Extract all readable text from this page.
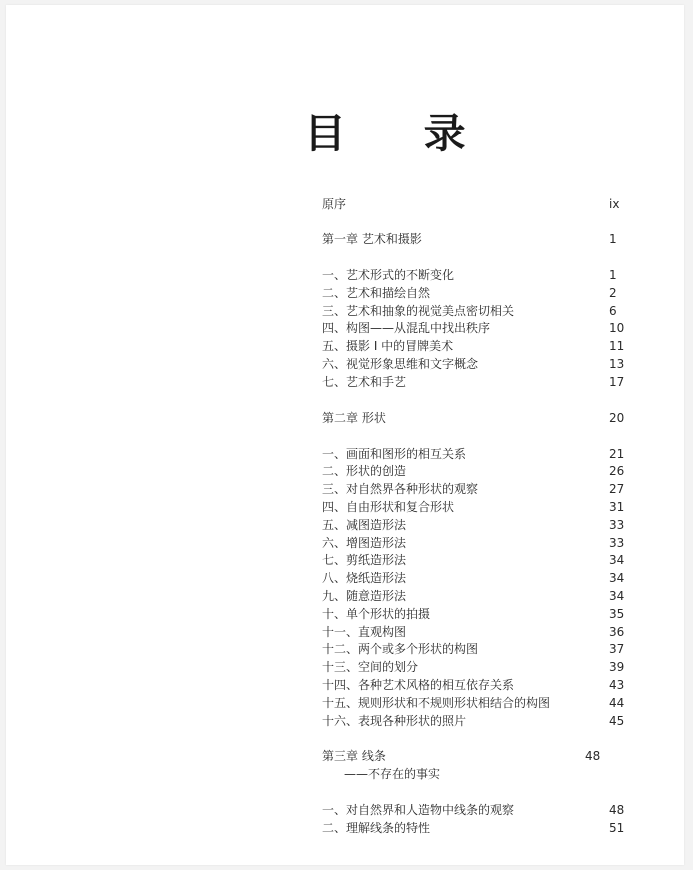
目 录
原序	ix
第一章 艺术和摄影	1
一、艺术形式的不断变化	1
二、艺术和描绘自然	2
三、艺术和抽象的视觉美点密切相关	6
四、构图——从混乱中找出秩序	10
五、摄影 I 中的冒牌美术	11
六、视觉形象思维和文字概念	13
七、艺术和手艺	17
第二章 形状	20
一、画面和图形的相互关系	21
二、形状的创造	26
三、对自然界各种形状的观察	27
四、自由形状和复合形状	31
五、减图造形法	33
六、增图造形法	33
七、剪纸造形法	34
八、烧纸造形法	34
九、随意造形法	34
十、单个形状的拍摄	35
十一、直观构图	36
十二、两个或多个形状的构图	37
十三、空间的划分	39
十四、各种艺术风格的相互依存关系	43
十五、规则形状和不规则形状相结合的构图	44
十六、表现各种形状的照片	45
第三章 线条	48
——不存在的事实
一、对自然界和人造物中线条的观察	48
二、理解线条的特性	51
